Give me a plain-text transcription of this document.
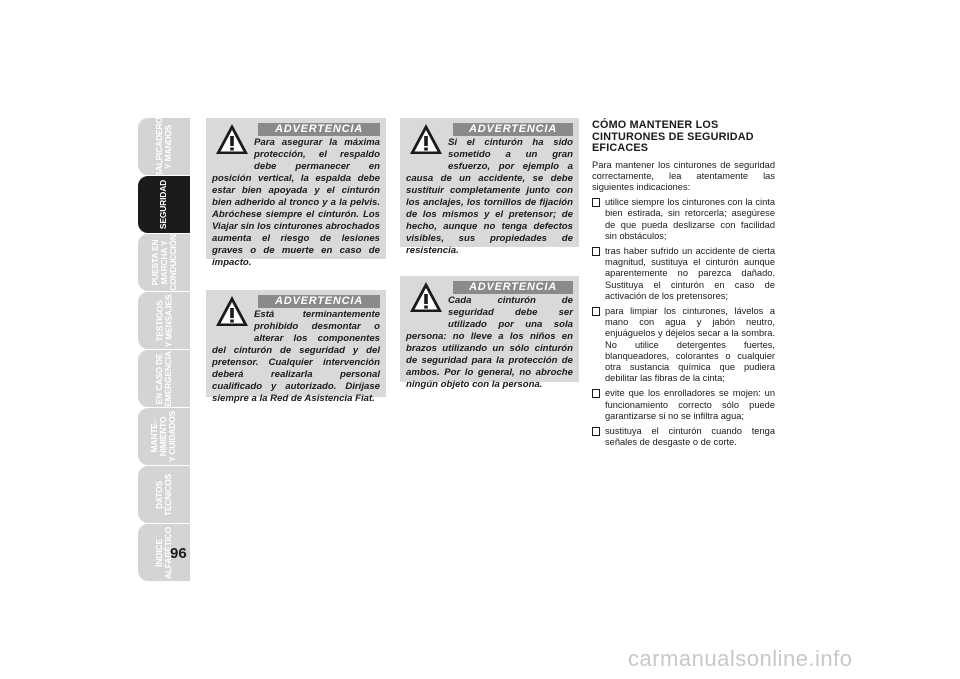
SALPICADERO
Y MANDOS
SEGURIDAD
PUESTA EN
MARCHA Y
CONDUCCIÓN
TESTIGOS
Y MENSAJES
EN CASO DE
EMERGENCIA
MANTE-
NIMIENTO
Y CUIDADOS
DATOS
TÉCNICOS
ÍNDICE
ALFABÉTICO
96
ADVERTENCIA
Para asegurar la máxima protección, el respaldo debe permanecer en posición vertical, la espalda debe estar bien apoyada y el cinturón bien adherido al tronco y a la pelvis. Abróchese siempre el cinturón. Los Viajar sin los cinturones abrochados aumenta el riesgo de lesiones graves o de muerte en caso de impacto.
ADVERTENCIA
Está terminantemente prohibido desmontar o alterar los componentes del cinturón de seguridad y del pretensor. Cualquier intervención deberá realizarla personal cualificado y autorizado. Diríjase siempre a la Red de Asistencia Fiat.
ADVERTENCIA
Si el cinturón ha sido sometido a un gran esfuerzo, por ejemplo a causa de un accidente, se debe sustituir completamente junto con los anclajes, los tornillos de fijación de los mismos y el pretensor; de hecho, aunque no tenga defectos visibles, sus propiedades de resistencia.
ADVERTENCIA
Cada cinturón de seguridad debe ser utilizado por una sola persona: no lleve a los niños en brazos utilizando un sólo cinturón de seguridad para la protección de ambos. Por lo general, no abroche ningún objeto con la persona.
CÓMO MANTENER LOS CINTURONES DE SEGURIDAD EFICACES

Para mantener los cinturones de seguridad correctamente, lea atentamente las siguientes indicaciones:

utilice siempre los cinturones con la cinta bien estirada, sin retorcerla; asegúrese de que pueda deslizarse con facilidad sin obstáculos;
tras haber sufrido un accidente de cierta magnitud, sustituya el cinturón aunque aparentemente no parezca dañado. Sustituya el cinturón en caso de activación de los pretensores;
para limpiar los cinturones, lávelos a mano con agua y jabón neutro, enjuáguelos y déjelos secar a la sombra. No utilice detergentes fuertes, blanqueadores, colorantes o cualquier otra sustancia química que pudiera debilitar las fibras de la cinta;
evite que los enrolladores se mojen: un funcionamiento correcto sólo puede garantizarse si no se infiltra agua;
sustituya el cinturón cuando tenga señales de desgaste o de corte.
carmanualsonline.info
